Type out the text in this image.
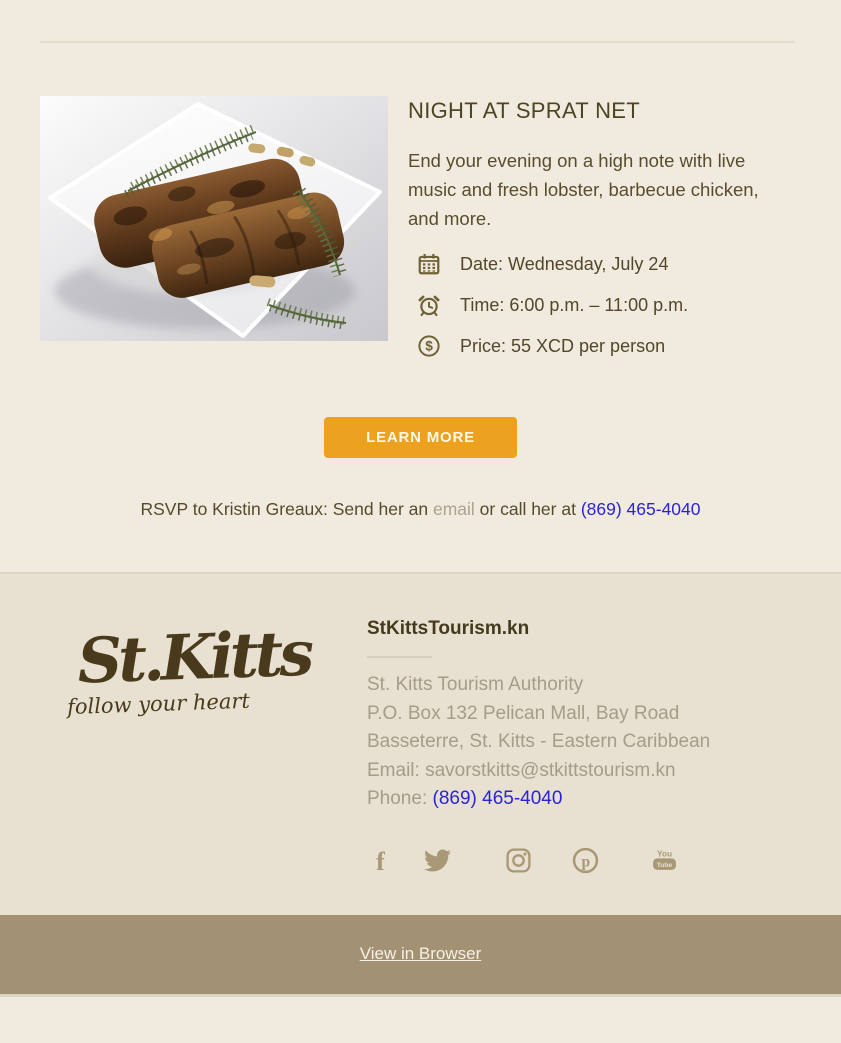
NIGHT AT SPRAT NET
End your evening on a high note with live music and fresh lobster, barbecue chicken, and more.
Date: Wednesday, July 24
Time: 6:00 p.m. – 11:00 p.m.
$ Price: 55 XCD per person
LEARN MORE
RSVP to Kristin Greaux: Send her an email or call her at (869) 465-4040
St.Kitts
follow your heart
StKittsTourism.kn
St. Kitts Tourism Authority
P.O. Box 132 Pelican Mall, Bay Road
Basseterre, St. Kitts - Eastern Caribbean
Email: savorstkitts@stkittstourism.kn
Phone: (869) 465-4040
f	p
You
Tube
View in Browser
